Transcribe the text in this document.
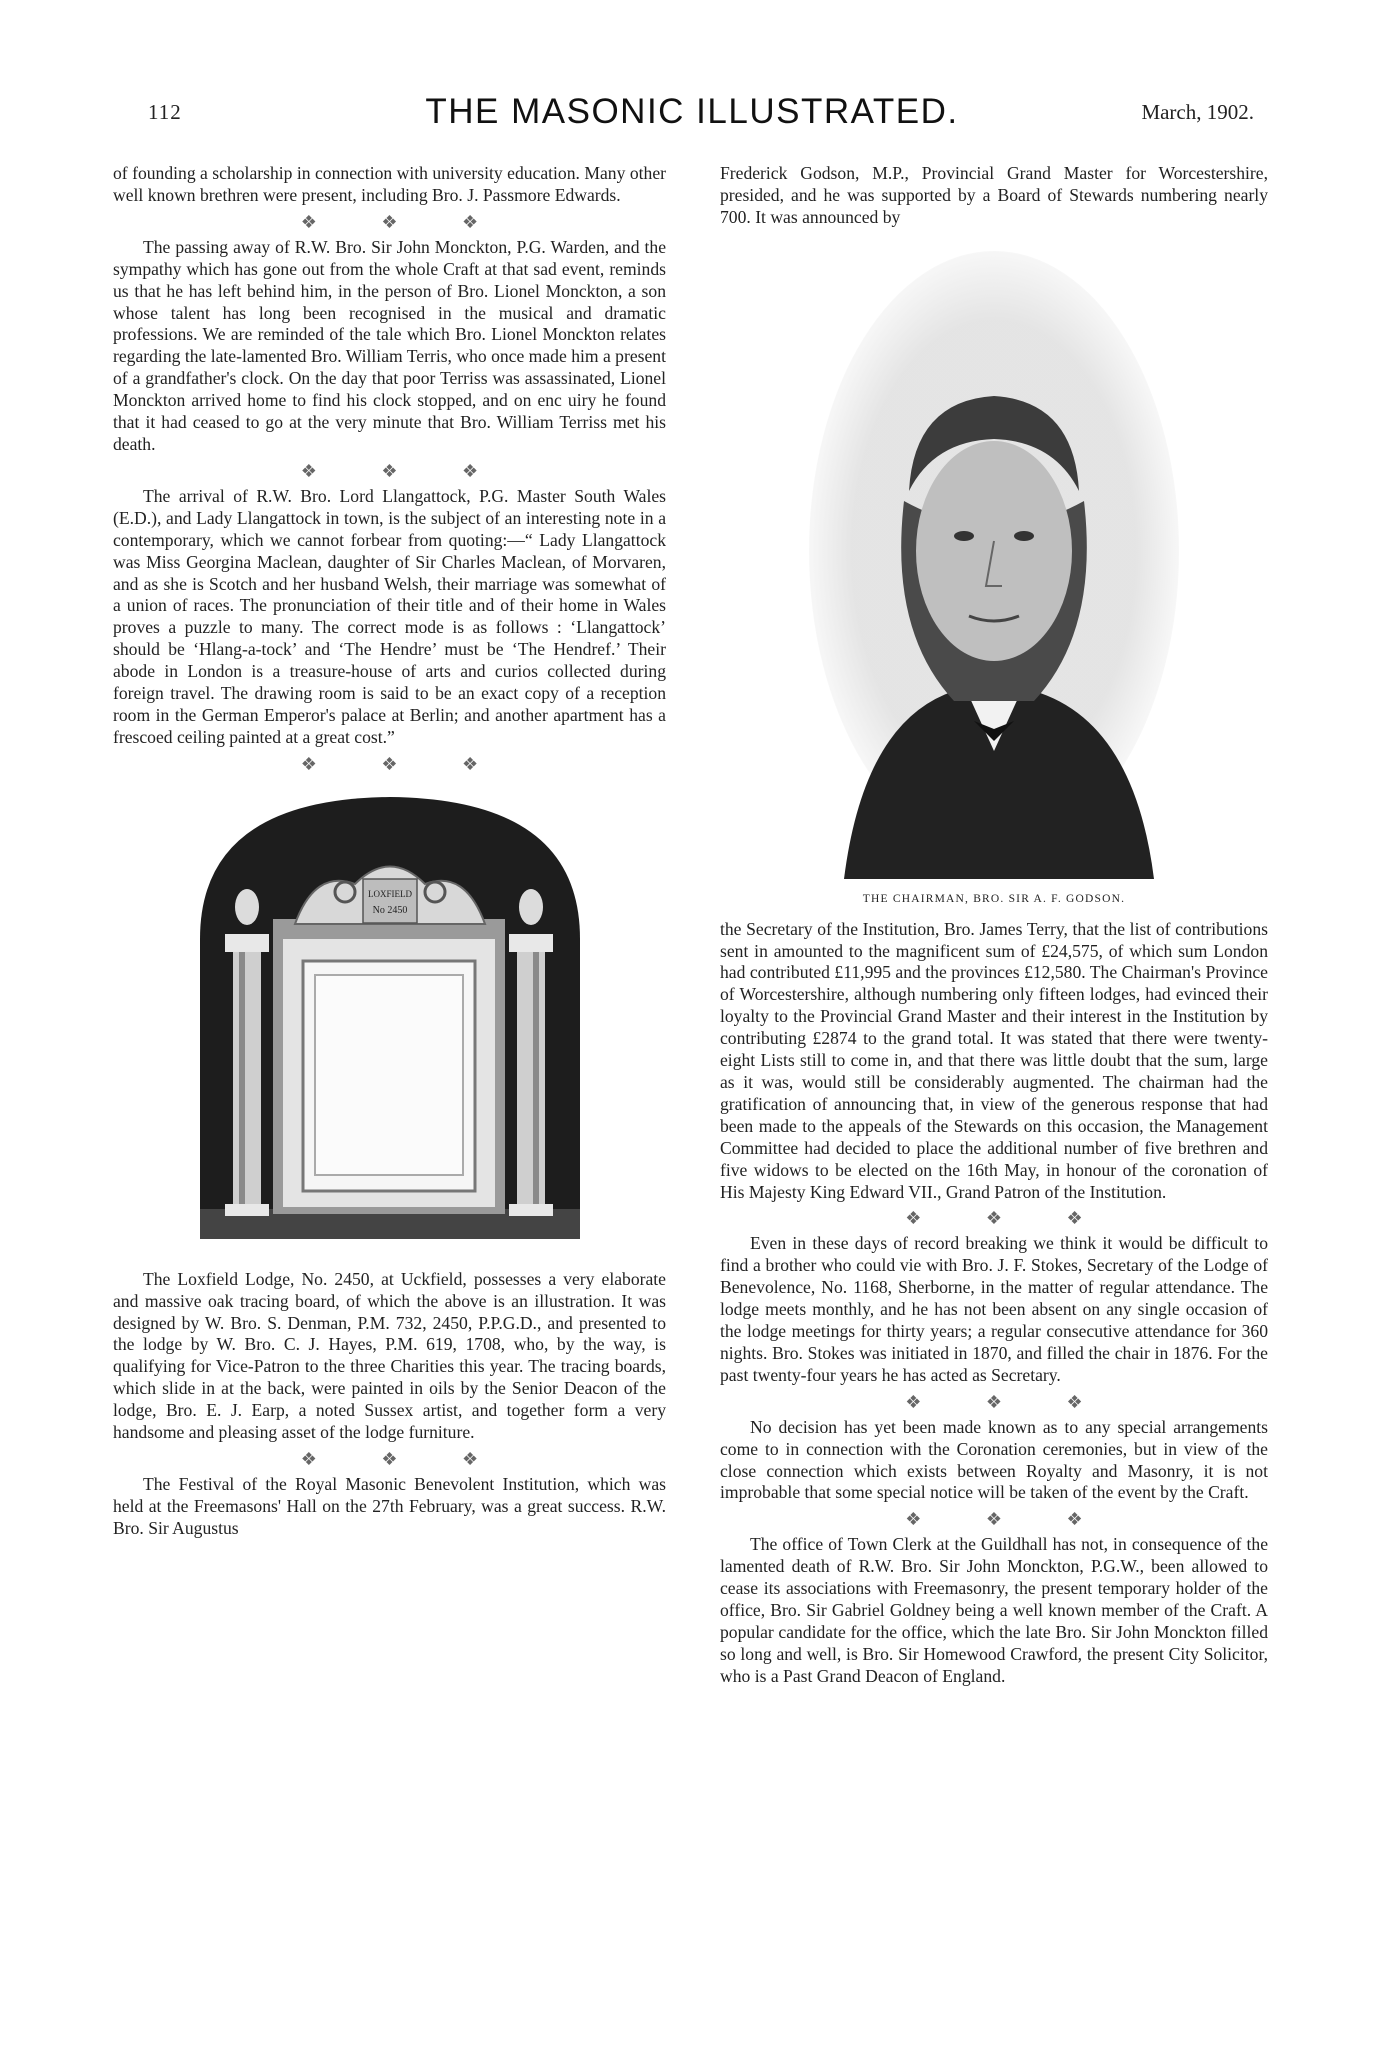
THE MASONIC ILLUSTRATED.
112	March, 1902.

of founding a scholarship in connection with university education. Many other well known brethren were present, including Bro. J. Passmore Edwards.

❖ ❖ ❖

The passing away of R.W. Bro. Sir John Monckton, P.G. Warden, and the sympathy which has gone out from the whole Craft at that sad event, reminds us that he has left behind him, in the person of Bro. Lionel Monckton, a son whose talent has long been recognised in the musical and dramatic professions. We are reminded of the tale which Bro. Lionel Monckton relates regarding the late-lamented Bro. William Terris, who once made him a present of a grandfather's clock. On the day that poor Terriss was assassinated, Lionel Monckton arrived home to find his clock stopped, and on enc uiry he found that it had ceased to go at the very minute that Bro. William Terriss met his death.

❖ ❖ ❖

The arrival of R.W. Bro. Lord Llangattock, P.G. Master South Wales (E.D.), and Lady Llangattock in town, is the subject of an interesting note in a contemporary, which we cannot forbear from quoting:—“ Lady Llangattock was Miss Georgina Maclean, daughter of Sir Charles Maclean, of Morvaren, and as she is Scotch and her husband Welsh, their marriage was somewhat of a union of races. The pronunciation of their title and of their home in Wales proves a puzzle to many. The correct mode is as follows : ‘Llangattock’ should be ‘Hlang-a-tock’ and ‘The Hendre’ must be ‘The Hendref.’ Their abode in London is a treasure-house of arts and curios collected during foreign travel. The drawing room is said to be an exact copy of a reception room in the German Emperor's palace at Berlin; and another apartment has a frescoed ceiling painted at a great cost.”

❖ ❖ ❖
LOXFIELD
No 2450

The Loxfield Lodge, No. 2450, at Uckfield, possesses a very elaborate and massive oak tracing board, of which the above is an illustration. It was designed by W. Bro. S. Denman, P.M. 732, 2450, P.P.G.D., and presented to the lodge by W. Bro. C. J. Hayes, P.M. 619, 1708, who, by the way, is qualifying for Vice-Patron to the three Charities this year. The tracing boards, which slide in at the back, were painted in oils by the Senior Deacon of the lodge, Bro. E. J. Earp, a noted Sussex artist, and together form a very handsome and pleasing asset of the lodge furniture.

❖ ❖ ❖

The Festival of the Royal Masonic Benevolent Institution, which was held at the Freemasons' Hall on the 27th February, was a great success. R.W. Bro. Sir Augustus

Frederick Godson, M.P., Provincial Grand Master for Worcestershire, presided, and he was supported by a Board of Stewards numbering nearly 700. It was announced by

THE CHAIRMAN, BRO. SIR A. F. GODSON.

the Secretary of the Institution, Bro. James Terry, that the list of contributions sent in amounted to the magnificent sum of £24,575, of which sum London had contributed £11,995 and the provinces £12,580. The Chairman's Province of Worcestershire, although numbering only fifteen lodges, had evinced their loyalty to the Provincial Grand Master and their interest in the Institution by contributing £2874 to the grand total. It was stated that there were twenty-eight Lists still to come in, and that there was little doubt that the sum, large as it was, would still be considerably augmented. The chairman had the gratification of announcing that, in view of the generous response that had been made to the appeals of the Stewards on this occasion, the Management Committee had decided to place the additional number of five brethren and five widows to be elected on the 16th May, in honour of the coronation of His Majesty King Edward VII., Grand Patron of the Institution.

❖ ❖ ❖

Even in these days of record breaking we think it would be difficult to find a brother who could vie with Bro. J. F. Stokes, Secretary of the Lodge of Benevolence, No. 1168, Sherborne, in the matter of regular attendance. The lodge meets monthly, and he has not been absent on any single occasion of the lodge meetings for thirty years; a regular consecutive attendance for 360 nights. Bro. Stokes was initiated in 1870, and filled the chair in 1876. For the past twenty-four years he has acted as Secretary.

❖ ❖ ❖

No decision has yet been made known as to any special arrangements come to in connection with the Coronation ceremonies, but in view of the close connection which exists between Royalty and Masonry, it is not improbable that some special notice will be taken of the event by the Craft.

❖ ❖ ❖

The office of Town Clerk at the Guildhall has not, in consequence of the lamented death of R.W. Bro. Sir John Monckton, P.G.W., been allowed to cease its associations with Freemasonry, the present temporary holder of the office, Bro. Sir Gabriel Goldney being a well known member of the Craft. A popular candidate for the office, which the late Bro. Sir John Monckton filled so long and well, is Bro. Sir Homewood Crawford, the present City Solicitor, who is a Past Grand Deacon of England.
